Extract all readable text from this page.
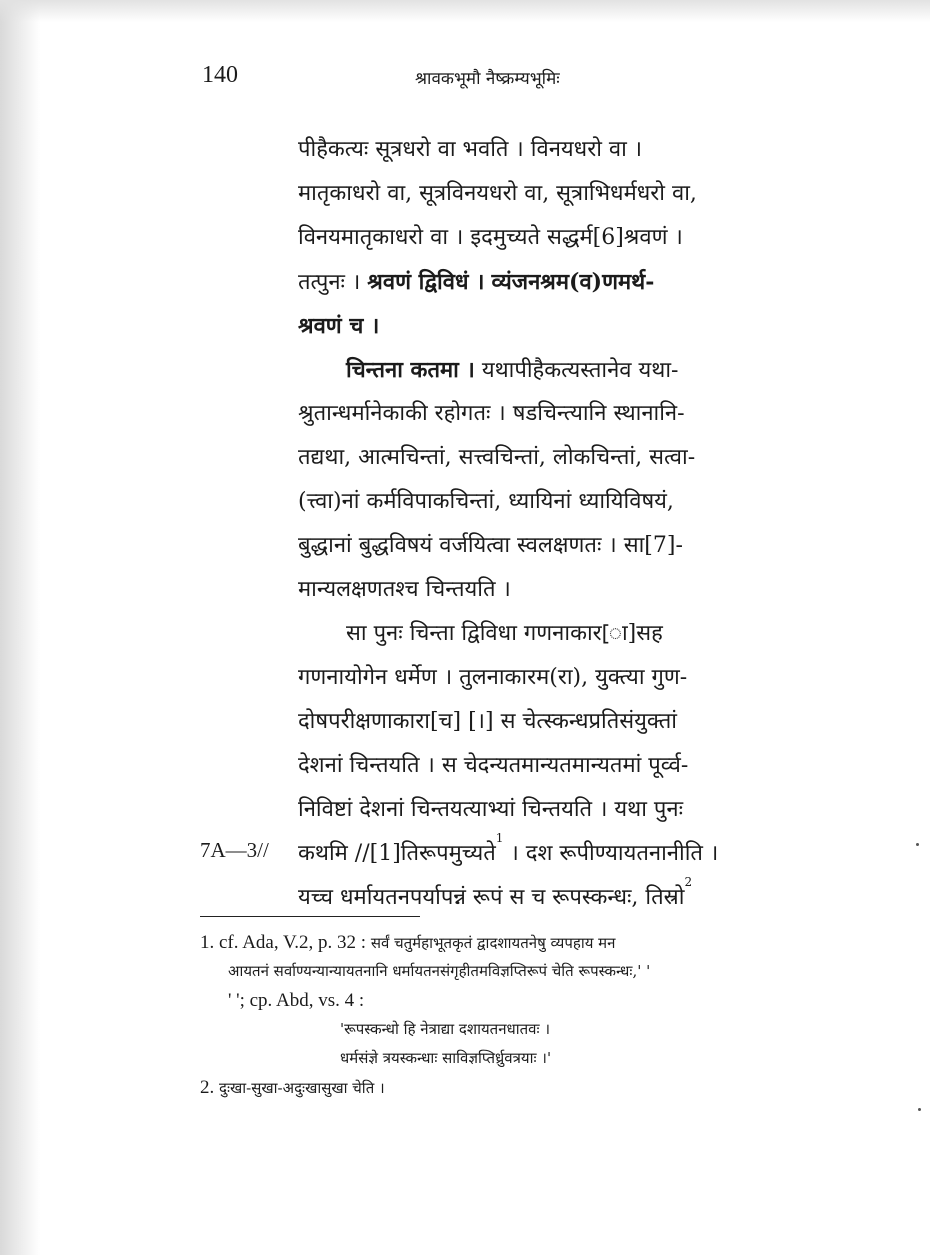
140	श्रावकभूमौ नैष्क्रम्यभूमिः
पीहैकत्यः सूत्रधरो वा भवति । विनयधरो वा ।
मातृकाधरो वा, सूत्रविनयधरो वा, सूत्राभिधर्मधरो वा,
विनयमातृकाधरो वा । इदमुच्यते सद्धर्म[6]श्रवणं ।
तत्पुनः । श्रवणं द्विविधं । व्यंजनश्रम(व)णमर्थ-
श्रवणं च ।
चिन्तना कतमा । यथापीहैकत्यस्तानेव यथा-
श्रुतान्धर्मानेकाकी रहोगतः । षडचिन्त्यानि स्थानानि-
तद्यथा, आत्मचिन्तां, सत्त्वचिन्तां, लोकचिन्तां, सत्वा-
(त्त्वा)नां कर्मविपाकचिन्तां, ध्यायिनां ध्यायिविषयं,
बुद्धानां बुद्धविषयं वर्जयित्वा स्वलक्षणतः । सा[7]-
मान्यलक्षणतश्च चिन्तयति ।
सा पुनः चिन्ता द्विविधा गणनाकार[ा]सह
गणनायोगेन धर्मेण । तुलनाकारम(रा), युक्त्या गुण-
दोषपरीक्षणाकारा[च] [।] स चेत्स्कन्धप्रतिसंयुक्तां
देशनां चिन्तयति । स चेदन्यतमान्यतमान्यतमां पूर्व्व-
निविष्टां देशनां चिन्तयत्याभ्यां चिन्तयति । यथा पुनः
कथमि //[1]तिरूपमुच्यते$^1$ । दश रूपीण्यायतनानीति ।
यच्च धर्मायतनपर्यापन्नं रूपं स च रूपस्कन्धः, तिस्रो$^2$
7A—3//
1. cf. Ada, V.2, p. 32 : सर्वं चतुर्महाभूतकृतं द्वादशायतनेषु व्यपहाय मन
आयतनं सर्वाण्यन्यान्यायतनानि धर्मायतनसंगृहीतमविज्ञप्तिरूपं चेति रूपस्कन्धः,' '
' '; cp. Abd, vs. 4 :
'रूपस्कन्धो हि नेत्राद्या दशायतनधातवः ।
धर्मसंज्ञे त्रयस्कन्धाः साविज्ञप्तिर्ध्रुवत्रयाः ।'
2. दुःखा-सुखा-अदुःखासुखा चेति ।
